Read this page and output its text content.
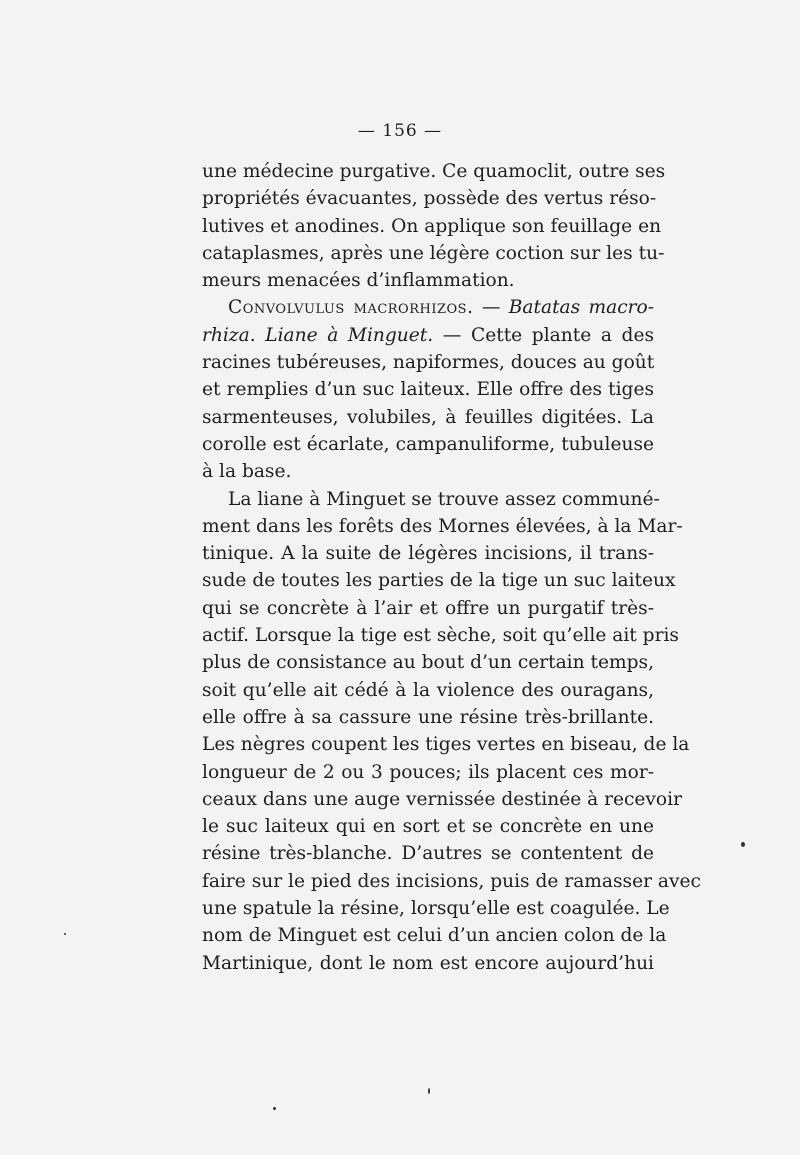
— 156 —
une médecine purgative. Ce quamoclit, outre ses
propriétés évacuantes, possède des vertus réso-
lutives et anodines. On applique son feuillage en
cataplasmes, après une légère coction sur les tu-
meurs menacées d’inflammation.
Convolvulus macrorhizos. — Batatas macro-
rhiza. Liane à Minguet. — Cette plante a des
racines tubéreuses, napiformes, douces au goût
et remplies d’un suc laiteux. Elle offre des tiges
sarmenteuses, volubiles, à feuilles digitées. La
corolle est écarlate, campanuliforme, tubuleuse
à la base.
La liane à Minguet se trouve assez communé-
ment dans les forêts des Mornes élevées, à la Mar-
tinique. A la suite de légères incisions, il trans-
sude de toutes les parties de la tige un suc laiteux
qui se concrète à l’air et offre un purgatif très-
actif. Lorsque la tige est sèche, soit qu’elle ait pris
plus de consistance au bout d’un certain temps,
soit qu’elle ait cédé à la violence des ouragans,
elle offre à sa cassure une résine très-brillante.
Les nègres coupent les tiges vertes en biseau, de la
longueur de 2 ou 3 pouces; ils placent ces mor-
ceaux dans une auge vernissée destinée à recevoir
le suc laiteux qui en sort et se concrète en une
résine très-blanche. D’autres se contentent de
faire sur le pied des incisions, puis de ramasser avec
une spatule la résine, lorsqu’elle est coagulée. Le
nom de Minguet est celui d’un ancien colon de la
Martinique, dont le nom est encore aujourd’hui
